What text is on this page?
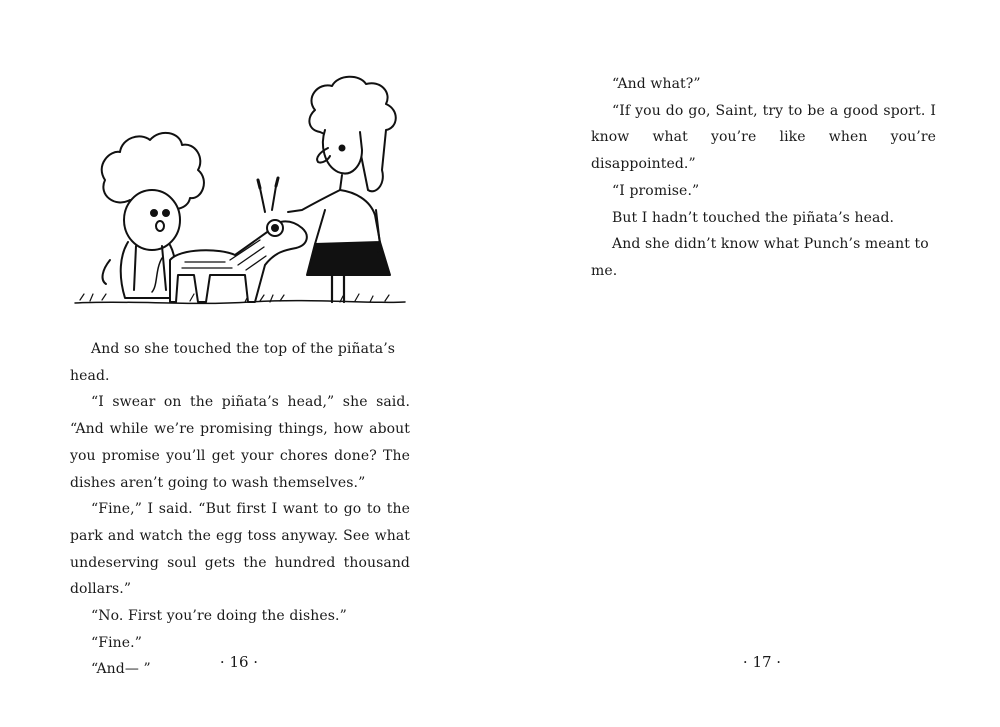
And so she touched the top of the piñata’s head.

“I swear on the piñata’s head,” she said. “And while we’re promising things, how about you promise you’ll get your chores done? The dishes aren’t going to wash themselves.”

“Fine,” I said. “But first I want to go to the park and watch the egg toss anyway. See what undeserving soul gets the hundred thousand dollars.”

“No. First you’re doing the dishes.”

“Fine.”

“And— ”	· 16 ·

“And what?”

“If you do go, Saint, try to be a good sport. I know what you’re like when you’re disappointed.”

“I promise.”

But I hadn’t touched the piñata’s head.

And she didn’t know what Punch’s meant to me.

· 17 ·
